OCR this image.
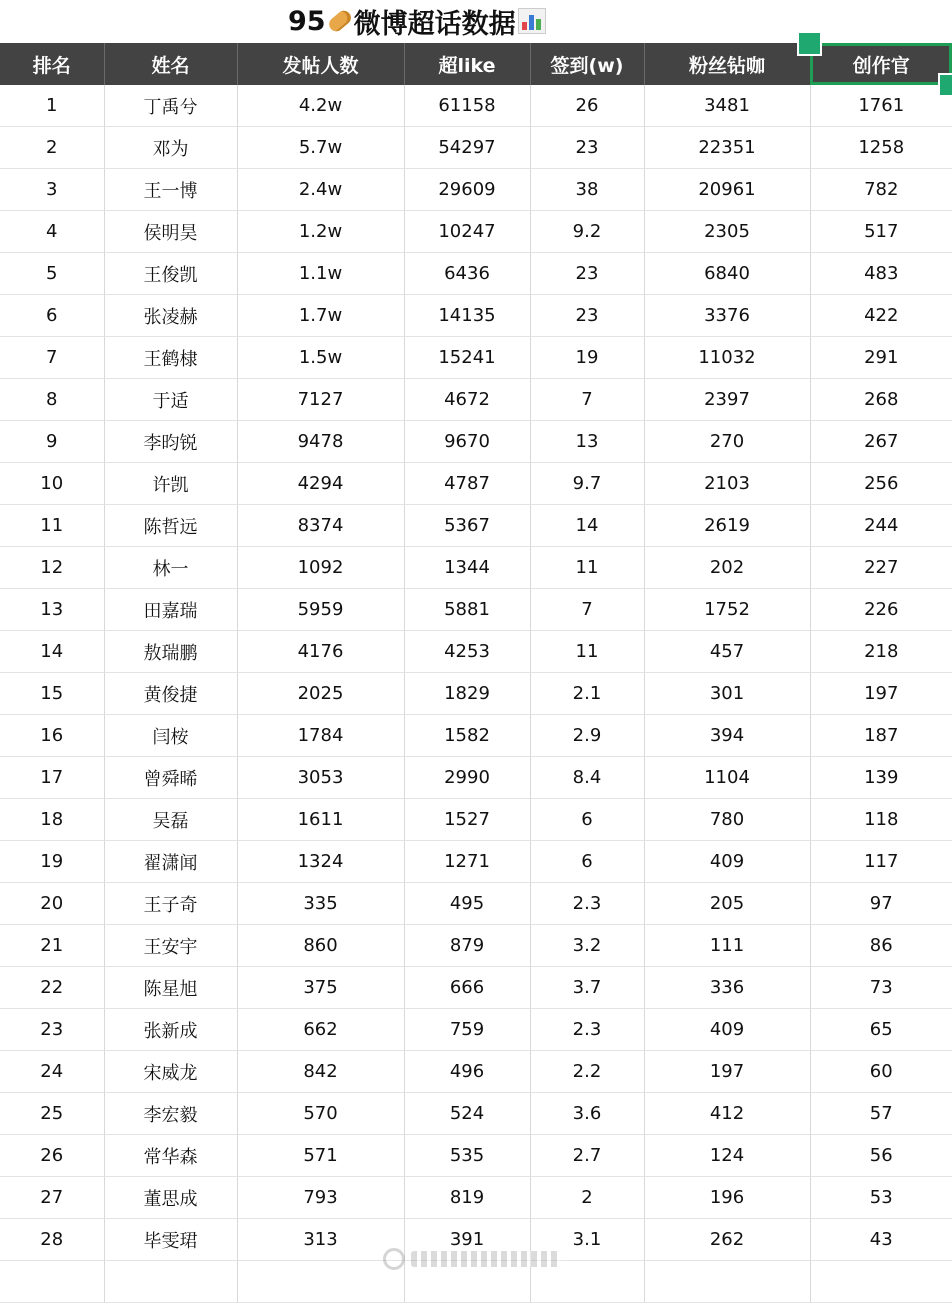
95 微博超话数据
排名	姓名	发帖人数	超like	签到(w)	粉丝钻咖	创作官
1	丁禹兮	4.2w	61158	26	3481	1761
2	邓为	5.7w	54297	23	22351	1258
3	王一博	2.4w	29609	38	20961	782
4	侯明昊	1.2w	10247	9.2	2305	517
5	王俊凯	1.1w	6436	23	6840	483
6	张凌赫	1.7w	14135	23	3376	422
7	王鹤棣	1.5w	15241	19	11032	291
8	于适	7127	4672	7	2397	268
9	李昀锐	9478	9670	13	270	267
10	许凯	4294	4787	9.7	2103	256
11	陈哲远	8374	5367	14	2619	244
12	林一	1092	1344	11	202	227
13	田嘉瑞	5959	5881	7	1752	226
14	敖瑞鹏	4176	4253	11	457	218
15	黄俊捷	2025	1829	2.1	301	197
16	闫桉	1784	1582	2.9	394	187
17	曾舜晞	3053	2990	8.4	1104	139
18	吴磊	1611	1527	6	780	118
19	翟潇闻	1324	1271	6	409	117
20	王子奇	335	495	2.3	205	97
21	王安宇	860	879	3.2	111	86
22	陈星旭	375	666	3.7	336	73
23	张新成	662	759	2.3	409	65
24	宋威龙	842	496	2.2	197	60
25	李宏毅	570	524	3.6	412	57
26	常华森	571	535	2.7	124	56
27	董思成	793	819	2	196	53
28	毕雯珺	313	391	3.1	262	43
